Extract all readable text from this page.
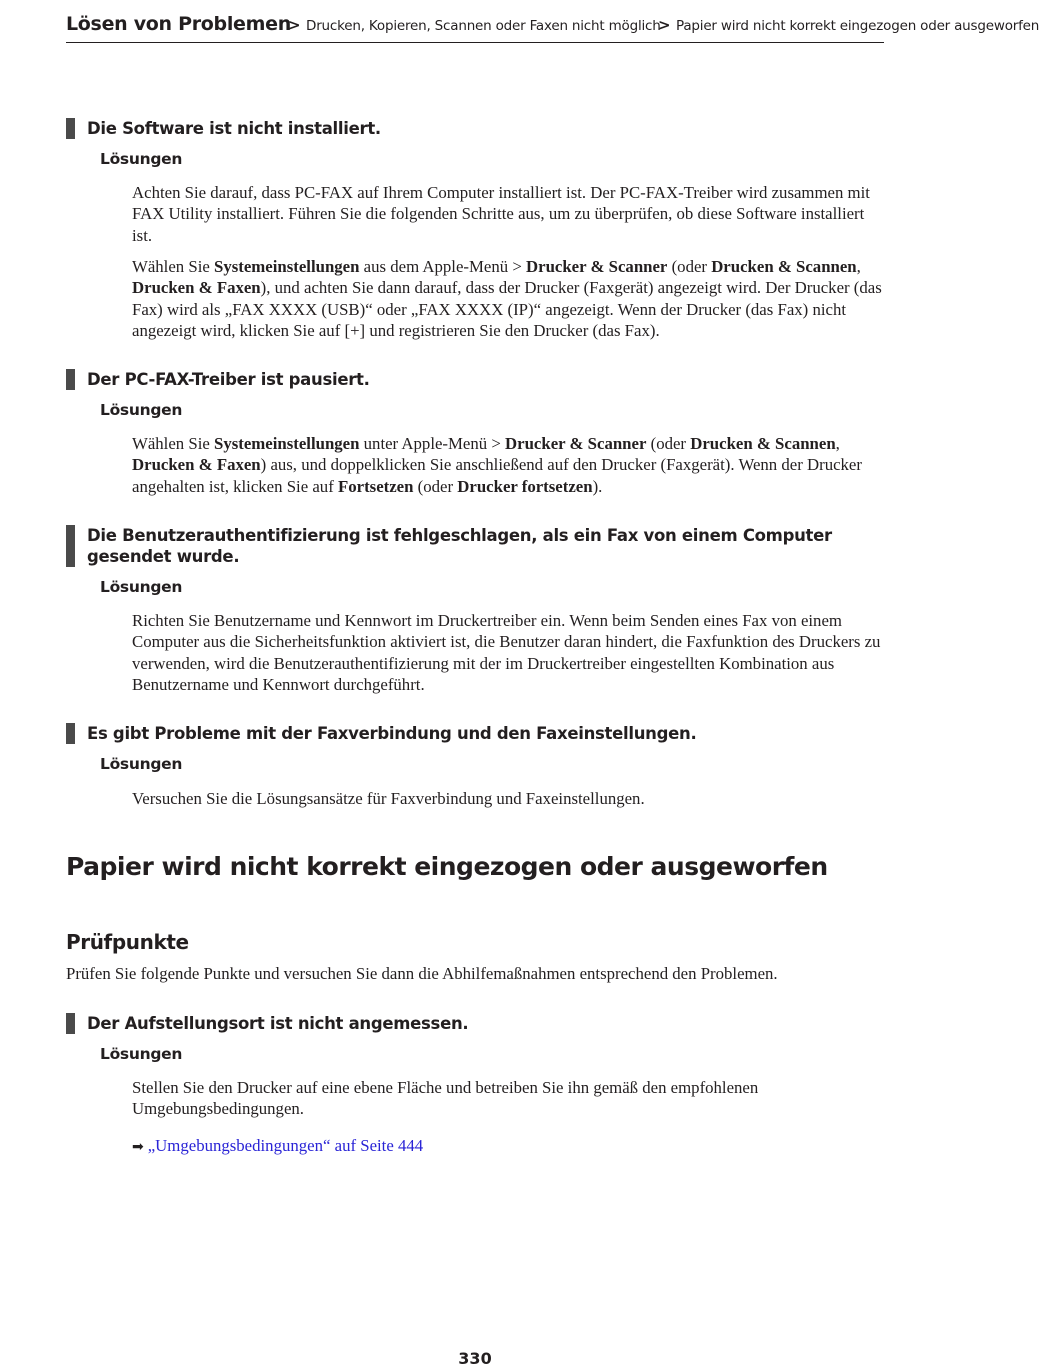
Lösen von Problemen
> Drucken, Kopieren, Scannen oder Faxen nicht möglich
> Papier wird nicht korrekt eingezogen oder ausgeworfen
Die Software ist nicht installiert.
Lösungen

Achten Sie darauf, dass PC-FAX auf Ihrem Computer installiert ist. Der PC-FAX-Treiber wird zusammen mit FAX Utility installiert. Führen Sie die folgenden Schritte aus, um zu überprüfen, ob diese Software installiert ist.

Wählen Sie Systemeinstellungen aus dem Apple-Menü > Drucker & Scanner (oder Drucken & Scannen, Drucken & Faxen), und achten Sie dann darauf, dass der Drucker (Faxgerät) angezeigt wird. Der Drucker (das Fax) wird als „FAX XXXX (USB)“ oder „FAX XXXX (IP)“ angezeigt. Wenn der Drucker (das Fax) nicht angezeigt wird, klicken Sie auf [+] und registrieren Sie den Drucker (das Fax).

Der PC-FAX-Treiber ist pausiert.
Lösungen

Wählen Sie Systemeinstellungen unter Apple-Menü > Drucker & Scanner (oder Drucken & Scannen, Drucken & Faxen) aus, und doppelklicken Sie anschließend auf den Drucker (Faxgerät). Wenn der Drucker angehalten ist, klicken Sie auf Fortsetzen (oder Drucker fortsetzen).

Die Benutzerauthentifizierung ist fehlgeschlagen, als ein Fax von einem Computer gesendet wurde.
Lösungen

Richten Sie Benutzername und Kennwort im Druckertreiber ein. Wenn beim Senden eines Fax von einem Computer aus die Sicherheitsfunktion aktiviert ist, die Benutzer daran hindert, die Faxfunktion des Druckers zu verwenden, wird die Benutzerauthentifizierung mit der im Druckertreiber eingestellten Kombination aus Benutzername und Kennwort durchgeführt.

Es gibt Probleme mit der Faxverbindung und den Faxeinstellungen.
Lösungen

Versuchen Sie die Lösungsansätze für Faxverbindung und Faxeinstellungen.

Papier wird nicht korrekt eingezogen oder ausgeworfen
Prüfpunkte

Prüfen Sie folgende Punkte und versuchen Sie dann die Abhilfemaßnahmen entsprechend den Problemen.

Der Aufstellungsort ist nicht angemessen.
Lösungen

Stellen Sie den Drucker auf eine ebene Fläche und betreiben Sie ihn gemäß den empfohlenen Umgebungsbedingungen.

➡ „Umgebungsbedingungen“ auf Seite 444
330
